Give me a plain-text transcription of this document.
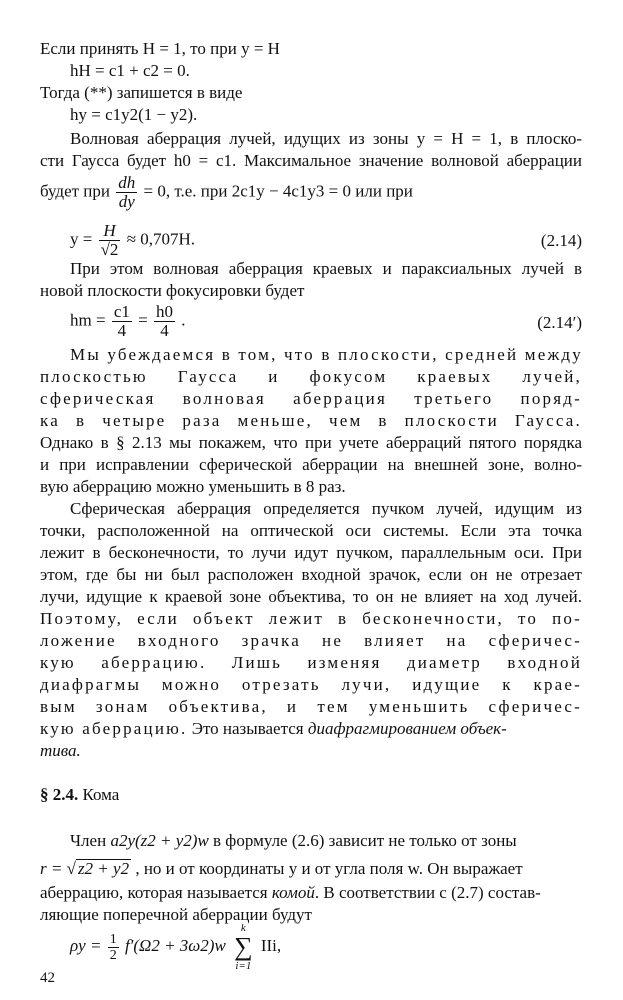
Если принять H = 1, то при y = H
hH = c1 + c2 = 0.
Тогда (**) запишется в виде
hy = c1y2(1 − y2).
Волновая аберрация лучей, идущих из зоны y = H = 1, в плоско-
сти Гаусса будет h0 = c1. Максимальное значение волновой аберрации
будет при $\frac{dh}{dy} = 0$, т.е. при 2c1y − 4c1y3 = 0 или при
$y = \frac{H}{√2} \approx 0,707H$.	(2.14)
При этом волновая аберрация краевых и параксиальных лучей в
новой плоскости фокусировки будет
hm = $\frac{c1}{4} = \frac{h0}{4}$ .	(2.14′)
Мы убеждаемся в том, что в плоскости, средней между
плоскостью Гаусса и фокусом краевых лучей,
сферическая волновая аберрация третьего поряд-
ка в четыре раза меньше, чем в плоскости Гаусса.
Однако в § 2.13 мы покажем, что при учете аберраций пятого порядка
и при исправлении сферической аберрации на внешней зоне, волно-
вую аберрацию можно уменьшить в 8 раз.
Сферическая аберрация определяется пучком лучей, идущим из
точки, расположенной на оптической оси системы. Если эта точка
лежит в бесконечности, то лучи идут пучком, параллельным оси. При
этом, где бы ни был расположен входной зрачок, если он не отрезает
лучи, идущие к краевой зоне объектива, то он не влияет на ход лучей.
Поэтому, если объект лежит в бесконечности, то по-
ложение входного зрачка не влияет на сферичес-
кую аберрацию. Лишь изменяя диаметр входной
диафрагмы можно отрезать лучи, идущие к крае-
вым зонам объектива, и тем уменьшить сферичес-
кую аберрацию. Это называется диафрагмированием объек-
тива.
§ 2.4. Кома
Член a2y(z2 + y2)w в формуле (2.6) зависит не только от зоны
r = √ z2 + y2 , но и от координаты y и от угла поля w. Он выражает
аберрацию, которая называется комой. В соответствии с (2.7) состав-
ляющие поперечной аберрации будут
$\rho y = \frac{1}{2} f'(\Omega 2 + 3\omega 2)w$
k
∑
i=1
IIi,
42
